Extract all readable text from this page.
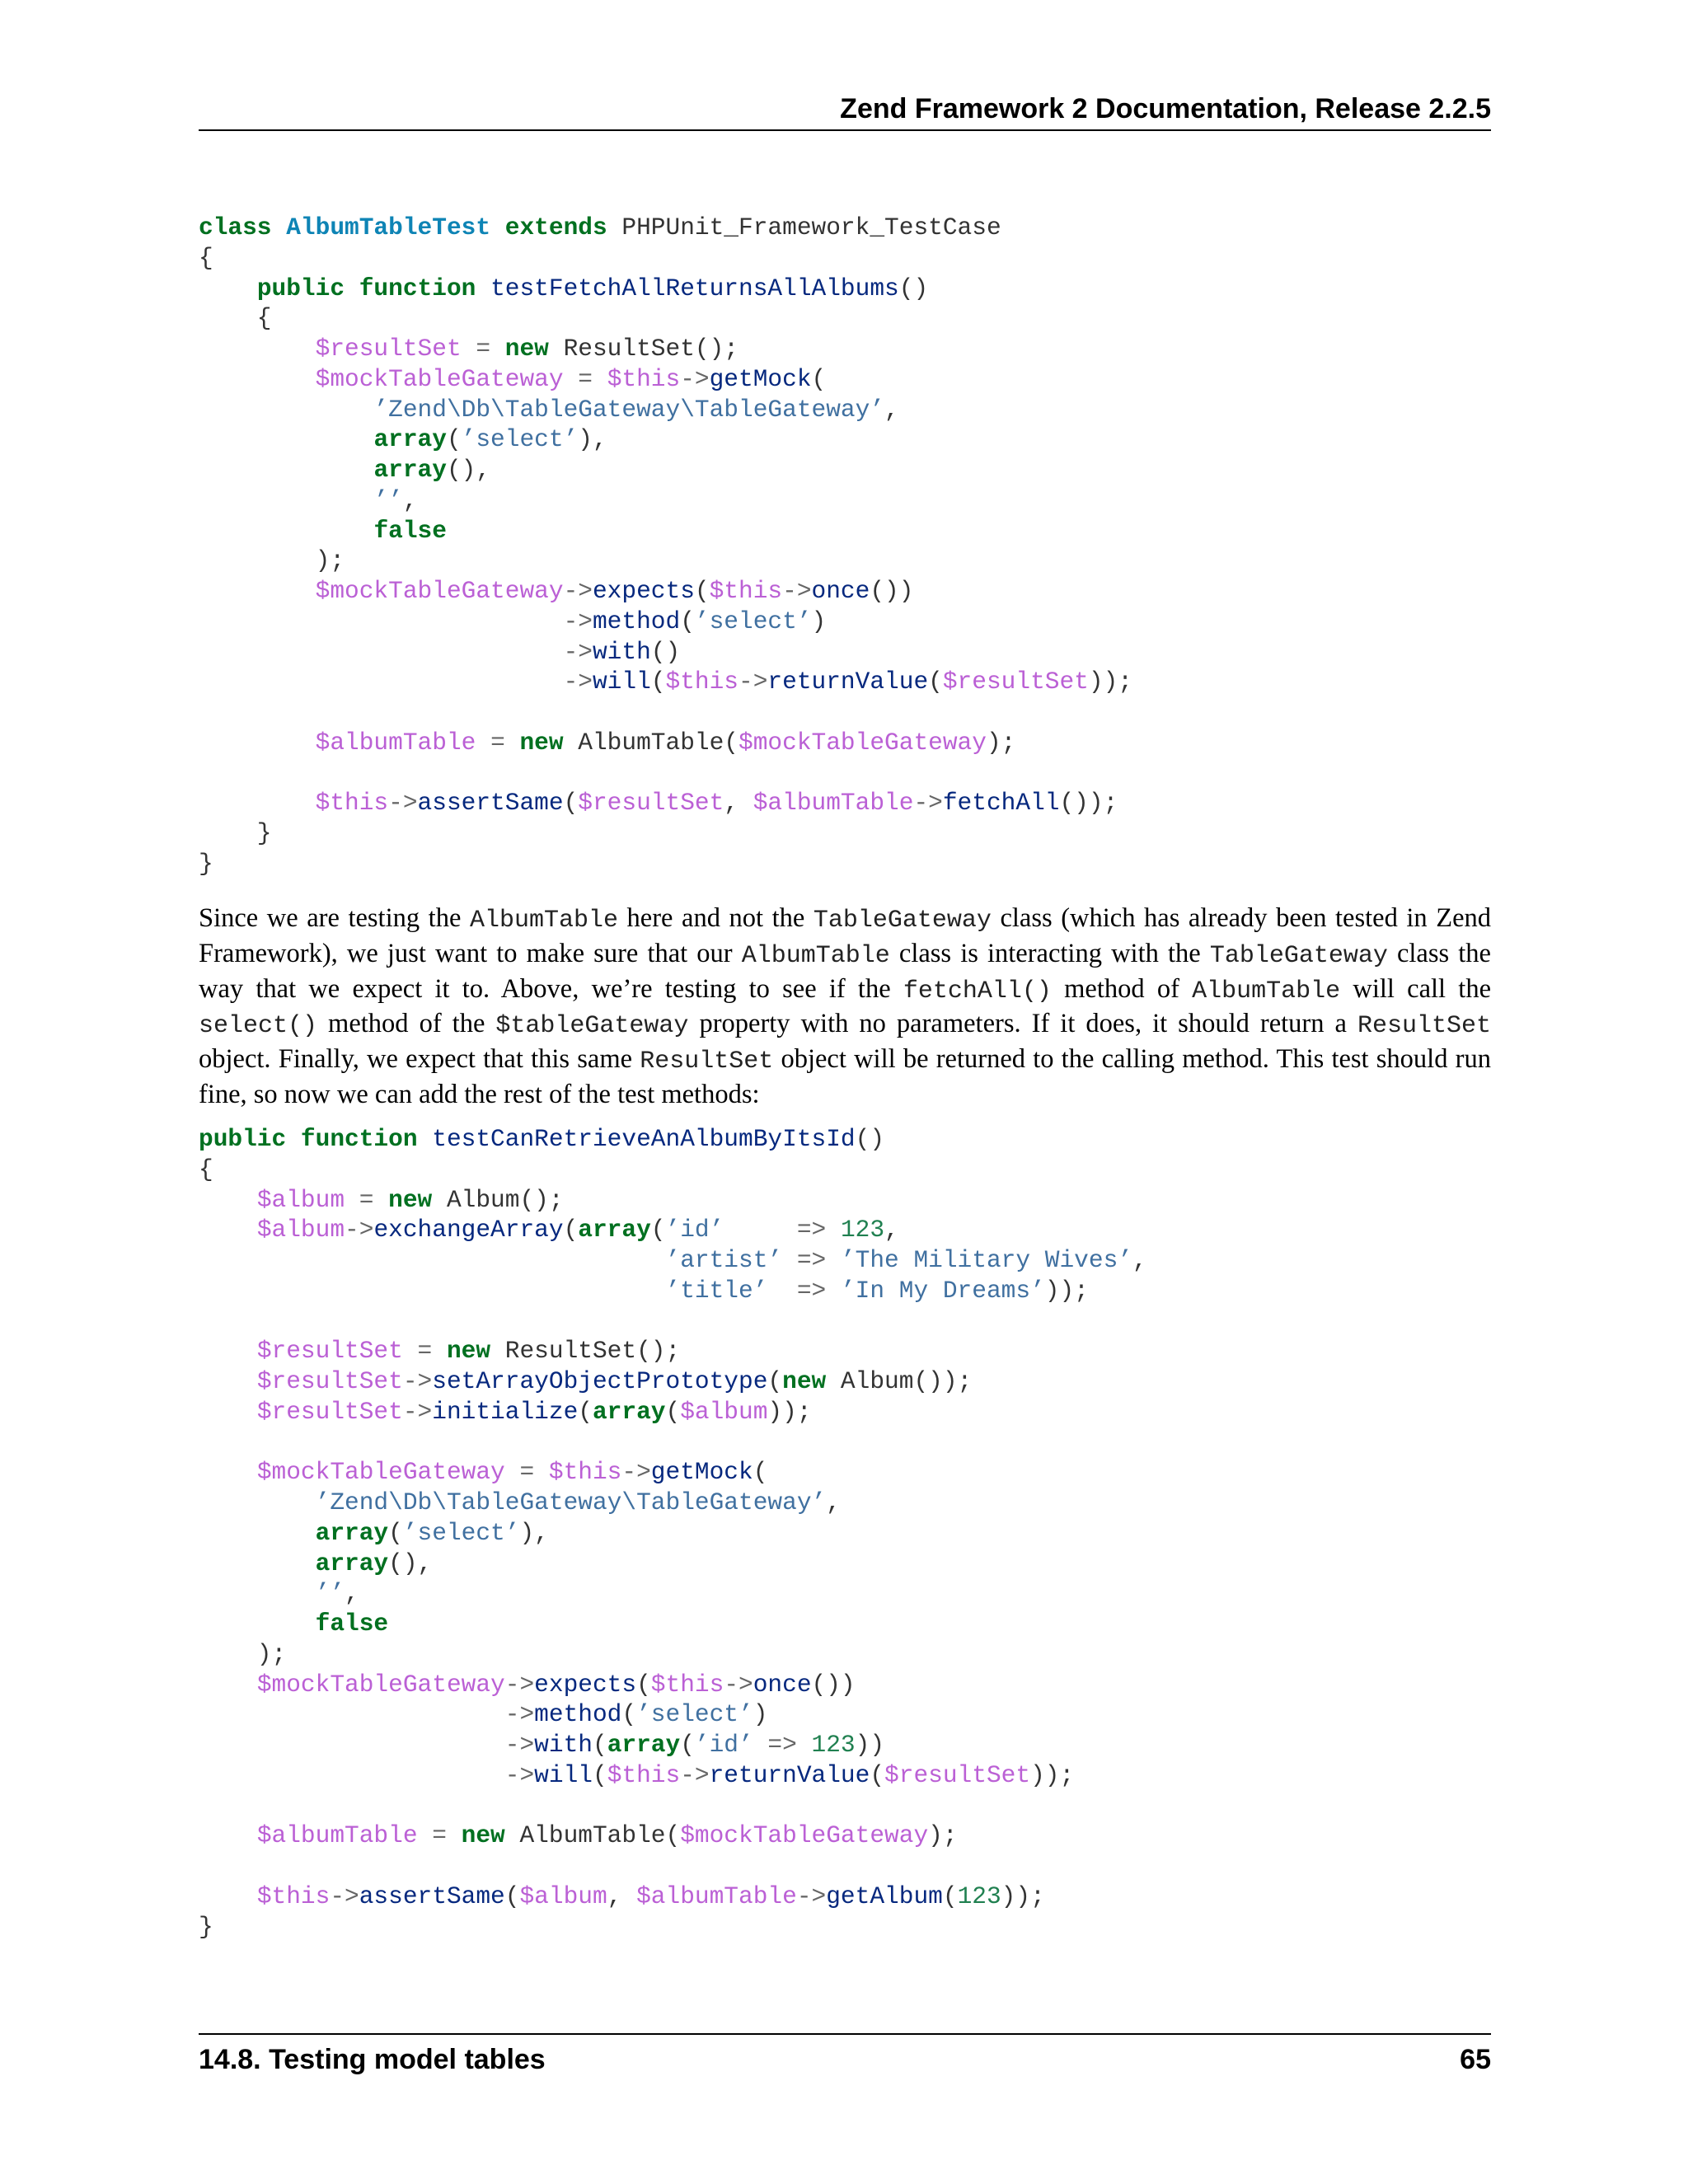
Zend Framework 2 Documentation, Release 2.2.5
class AlbumTableTest extends PHPUnit_Framework_TestCase
{
public function testFetchAllReturnsAllAlbums()
{
$resultSet = new ResultSet();
$mockTableGateway = $this->getMock(
’Zend\Db\TableGateway\TableGateway’,
array(’select’),
array(),
’’,
false
);
$mockTableGateway->expects($this->once())
->method(’select’)
->with()
->will($this->returnValue($resultSet));
$albumTable = new AlbumTable($mockTableGateway);
$this->assertSame($resultSet, $albumTable->fetchAll());
}
}
Since we are testing the AlbumTable here and not the TableGateway class (which has already been tested in Zend Framework), we just want to make sure that our AlbumTable class is interacting with the TableGateway class the way that we expect it to. Above, we’re testing to see if the fetchAll() method of AlbumTable will call the select() method of the $tableGateway property with no parameters. If it does, it should return a ResultSet object. Finally, we expect that this same ResultSet object will be returned to the calling method. This test should run fine, so now we can add the rest of the test methods:
public function testCanRetrieveAnAlbumByItsId()
{
$album = new Album();
$album->exchangeArray(array(’id’	=> 123,
’artist’ => ’The Military Wives’,
’title’ => ’In My Dreams’));
$resultSet = new ResultSet();
$resultSet->setArrayObjectPrototype(new Album());
$resultSet->initialize(array($album));
$mockTableGateway = $this->getMock(
’Zend\Db\TableGateway\TableGateway’,
array(’select’),
array(),
’’,
false
);
$mockTableGateway->expects($this->once())
->method(’select’)
->with(array(’id’ => 123))
->will($this->returnValue($resultSet));
$albumTable = new AlbumTable($mockTableGateway);
$this->assertSame($album, $albumTable->getAlbum(123));
}
14.8. Testing model tables	65
